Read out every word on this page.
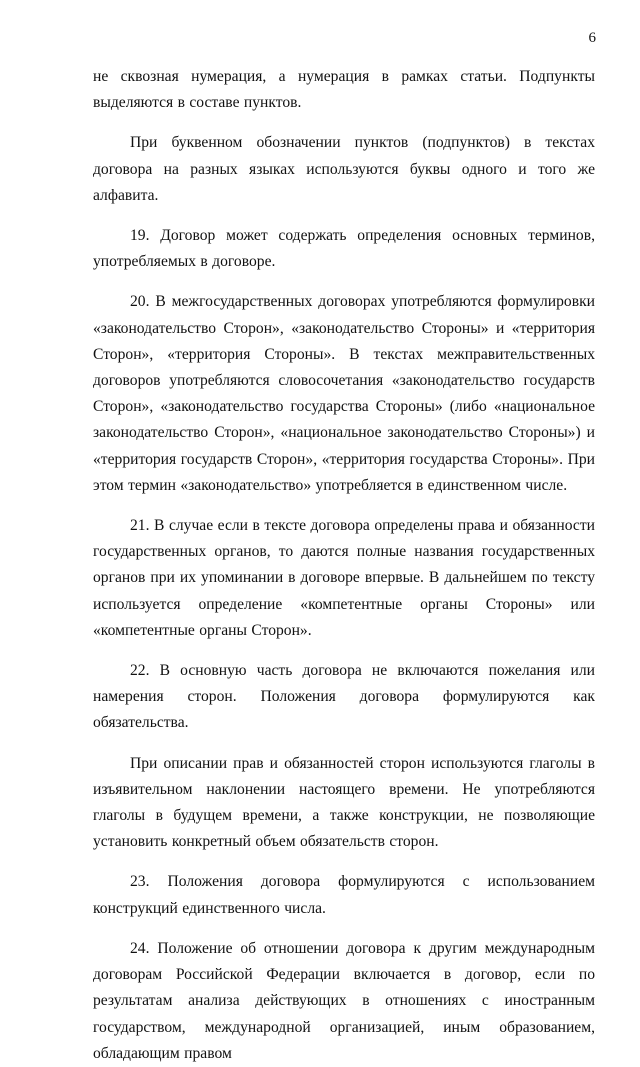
6

не сквозная нумерация, а нумерация в рамках статьи. Подпункты выделяются в составе пунктов.

При буквенном обозначении пунктов (подпунктов) в текстах договора на разных языках используются буквы одного и того же алфавита.

19. Договор может содержать определения основных терминов, употребляемых в договоре.

20. В межгосударственных договорах употребляются формулировки «законодательство Сторон», «законодательство Стороны» и «территория Сторон», «территория Стороны». В текстах межправительственных договоров употребляются словосочетания «законодательство государств Сторон», «законодательство государства Стороны» (либо «национальное законодательство Сторон», «национальное законодательство Стороны») и «территория государств Сторон», «территория государства Стороны». При этом термин «законодательство» употребляется в единственном числе.

21. В случае если в тексте договора определены права и обязанности государственных органов, то даются полные названия государственных органов при их упоминании в договоре впервые. В дальнейшем по тексту используется определение «компетентные органы Стороны» или «компетентные органы Сторон».

22. В основную часть договора не включаются пожелания или намерения сторон. Положения договора формулируются как обязательства.

При описании прав и обязанностей сторон используются глаголы в изъявительном наклонении настоящего времени. Не употребляются глаголы в будущем времени, а также конструкции, не позволяющие установить конкретный объем обязательств сторон.

23. Положения договора формулируются с использованием конструкций единственного числа.

24. Положение об отношении договора к другим международным договорам Российской Федерации включается в договор, если по результатам анализа действующих в отношениях с иностранным государством, международной организацией, иным образованием, обладающим правом
